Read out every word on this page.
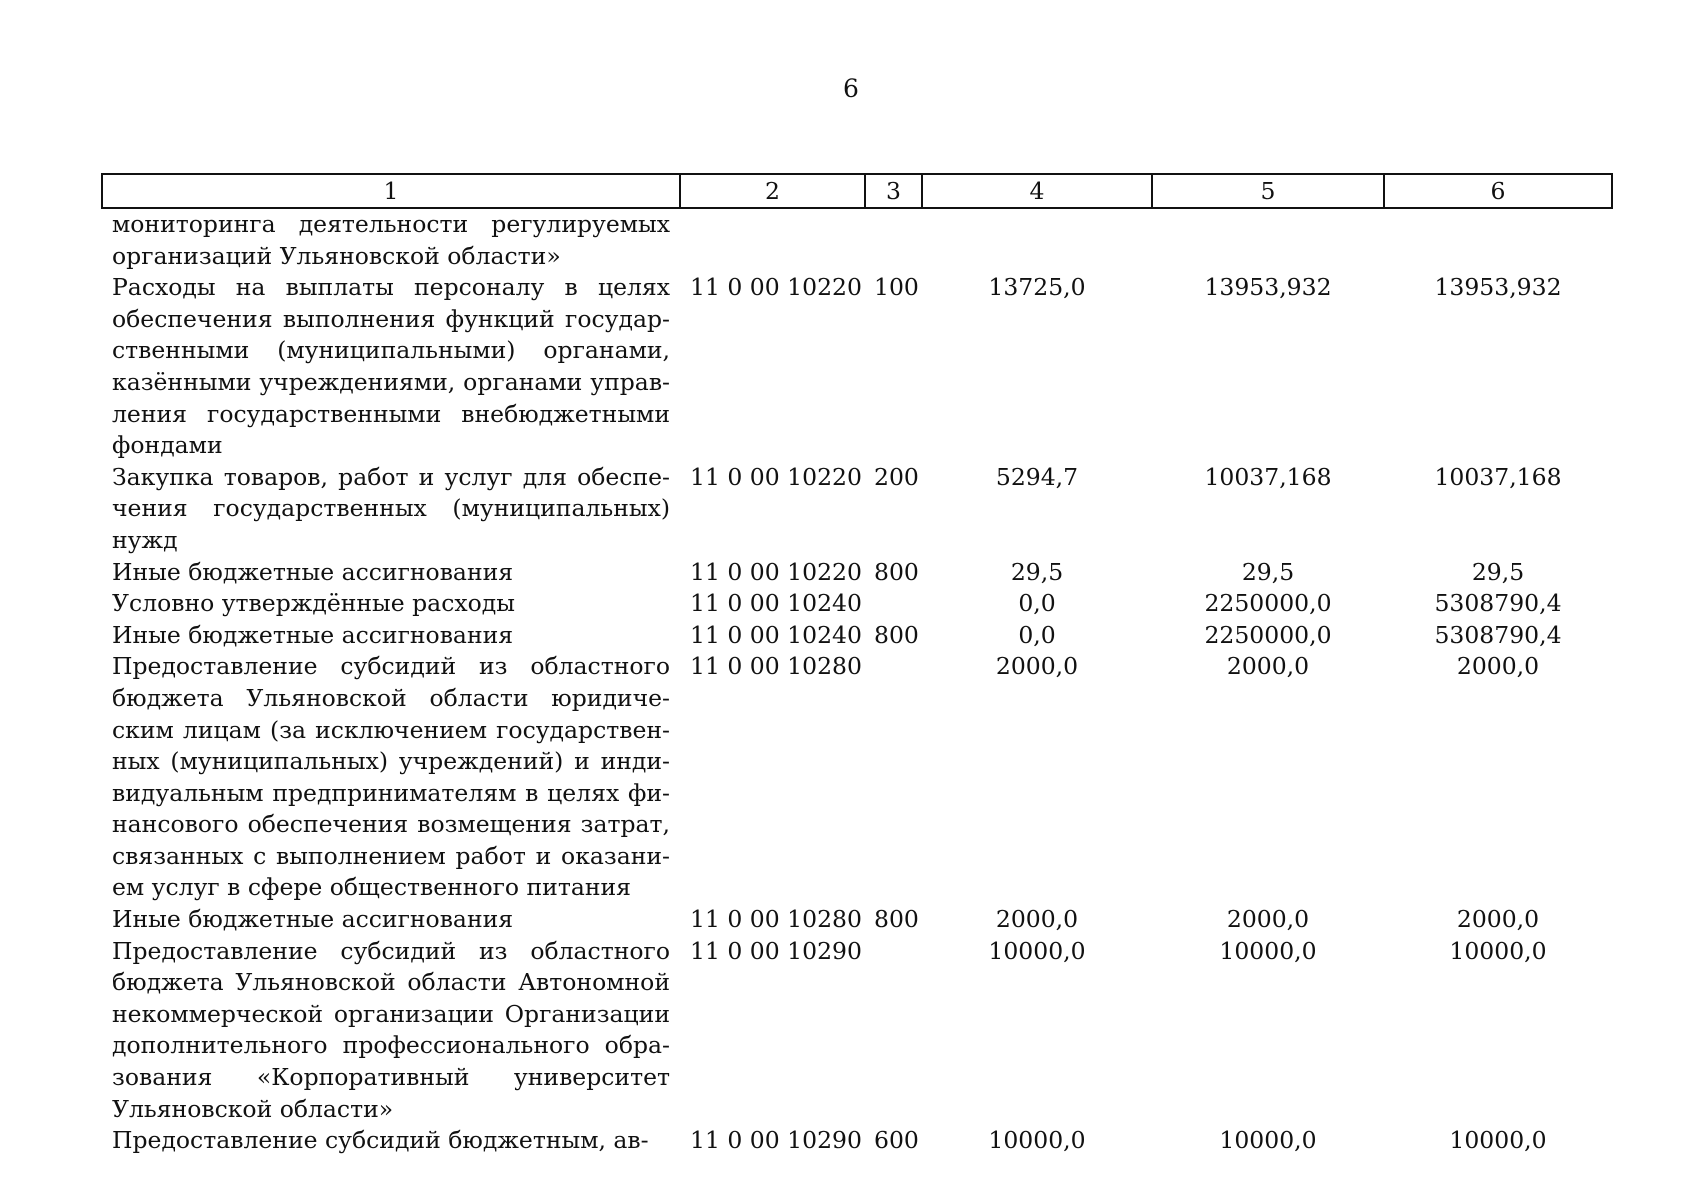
6
1	2	3	4	5	6
мониторинга деятельности регулируемых организаций Ульяновской области»					
Расходы на выплаты персоналу в целях обеспечения выполнения функций государственными (муниципальными) органами, казёнными учреждениями, органами управления государственными внебюджетными фондами	11 0 00 10220	100	13725,0	13953,932	13953,932
Закупка товаров, работ и услуг для обеспечения государственных (муниципальных) нужд	11 0 00 10220	200	5294,7	10037,168	10037,168
Иные бюджетные ассигнования	11 0 00 10220	800	29,5	29,5	29,5
Условно утверждённые расходы	11 0 00 10240		0,0	2250000,0	5308790,4
Иные бюджетные ассигнования	11 0 00 10240	800	0,0	2250000,0	5308790,4
Предоставление субсидий из областного бюджета Ульяновской области юридическим лицам (за исключением государственных (муниципальных) учреждений) и индивидуальным предпринимателям в целях финансового обеспечения возмещения затрат, связанных с выполнением работ и оказанием услуг в сфере общественного питания	11 0 00 10280		2000,0	2000,0	2000,0
Иные бюджетные ассигнования	11 0 00 10280	800	2000,0	2000,0	2000,0
Предоставление субсидий из областного бюджета Ульяновской области Автономной некоммерческой организации Организации дополнительного профессионального образования «Корпоративный университет Ульяновской области»	11 0 00 10290		10000,0	10000,0	10000,0
Предоставление субсидий бюджетным, ав-	11 0 00 10290	600	10000,0	10000,0	10000,0
